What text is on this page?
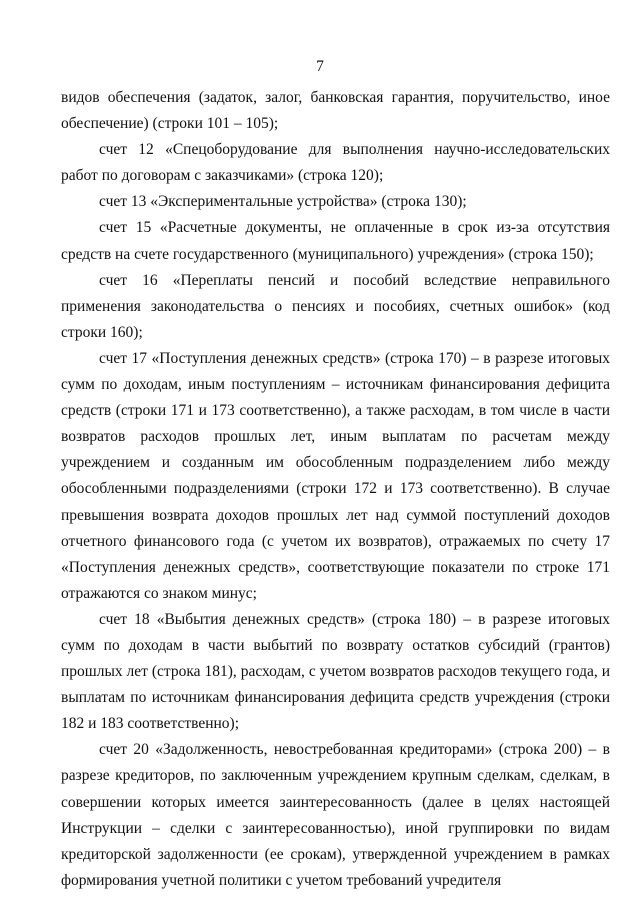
7

видов обеспечения (задаток, залог, банковская гарантия, поручительство, иное обеспечение) (строки 101 – 105);

счет 12 «Спецоборудование для выполнения научно-исследовательских работ по договорам с заказчиками» (строка 120);

счет 13 «Экспериментальные устройства» (строка 130);

счет 15 «Расчетные документы, не оплаченные в срок из-за отсутствия средств на счете государственного (муниципального) учреждения» (строка 150);

счет 16 «Переплаты пенсий и пособий вследствие неправильного применения законодательства о пенсиях и пособиях, счетных ошибок» (код строки 160);

счет 17 «Поступления денежных средств» (строка 170) – в разрезе итоговых сумм по доходам, иным поступлениям – источникам финансирования дефицита средств (строки 171 и 173 соответственно), а также расходам, в том числе в части возвратов расходов прошлых лет, иным выплатам по расчетам между учреждением и созданным им обособленным подразделением либо между обособленными подразделениями (строки 172 и 173 соответственно). В случае превышения возврата доходов прошлых лет над суммой поступлений доходов отчетного финансового года (с учетом их возвратов), отражаемых по счету 17 «Поступления денежных средств», соответствующие показатели по строке 171 отражаются со знаком минус;

счет 18 «Выбытия денежных средств» (строка 180) – в разрезе итоговых сумм по доходам в части выбытий по возврату остатков субсидий (грантов) прошлых лет (строка 181), расходам, с учетом возвратов расходов текущего года, и выплатам по источникам финансирования дефицита средств учреждения (строки 182 и 183 соответственно);

счет 20 «Задолженность, невостребованная кредиторами» (строка 200) – в разрезе кредиторов, по заключенным учреждением крупным сделкам, сделкам, в совершении которых имеется заинтересованность (далее в целях настоящей Инструкции – сделки с заинтересованностью), иной группировки по видам кредиторской задолженности (ее срокам), утвержденной учреждением в рамках формирования учетной политики с учетом требований учредителя
